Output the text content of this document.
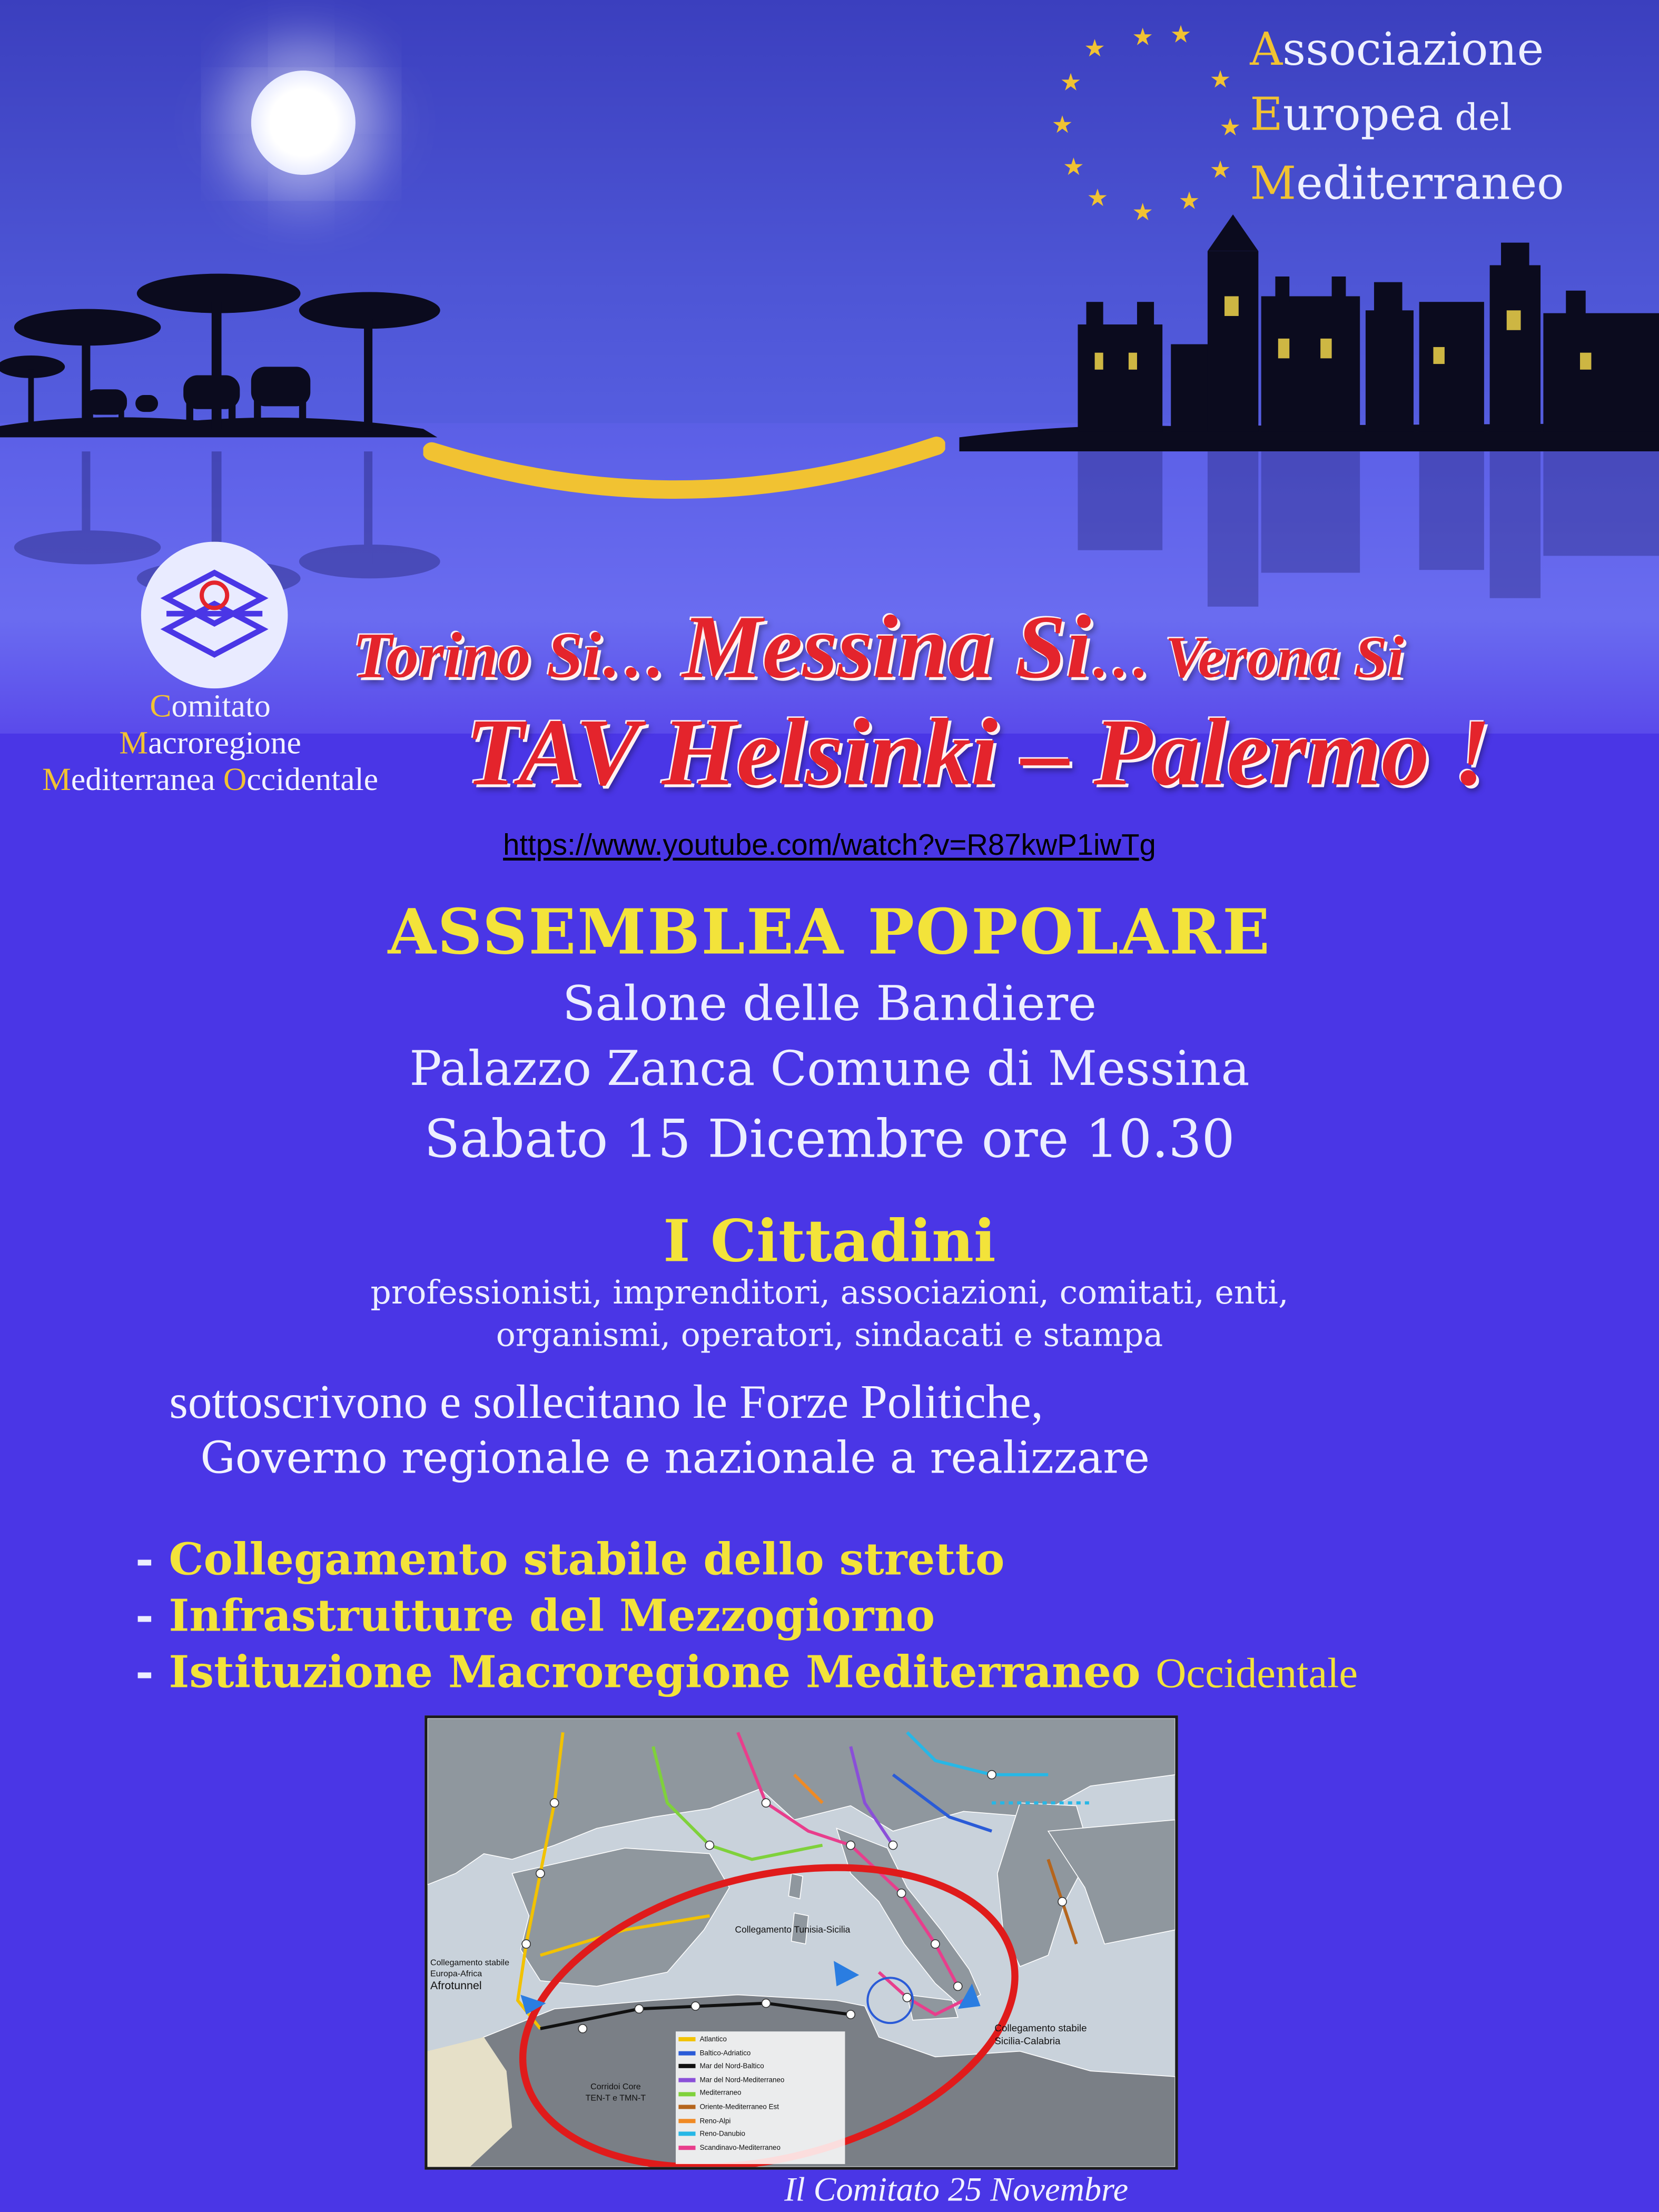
★ ★
★
★
★
★
★
★	★
★
★
★
Associazione
Europea del
Mediterraneo
Comitato
Macroregione
Mediterranea Occidentale
Torino Si… Messina Si… Verona Si
TAV Helsinki – Palermo !
https://www.youtube.com/watch?v=R87kwP1iwTg
ASSEMBLEA POPOLARE
Salone delle Bandiere
Palazzo Zanca Comune di Messina
Sabato 15 Dicembre ore 10.30
I Cittadini
professionisti, imprenditori, associazioni, comitati, enti,
organismi, operatori, sindacati e stampa
sottoscrivono e sollecitano le Forze Politiche,
Governo regionale e nazionale a realizzare
- Collegamento stabile dello stretto
- Infrastrutture del Mezzogiorno
- Istituzione Macroregione Mediterraneo Occidentale
Collegamento Tunisia-Sicilia
Collegamento stabile
Europa-Africa
Afrotunnel
Collegamento stabile
Sicilia-Calabria
Corridoi Core
TEN-T e TMN-T
Atlantico
Baltico-Adriatico
Mar del Nord-Baltico
Mar del Nord-Mediterraneo
Mediterraneo
Oriente-Mediterraneo Est
Reno-Alpi
Reno-Danubio
Scandinavo-Mediterraneo
Il Comitato 25 Novembre
